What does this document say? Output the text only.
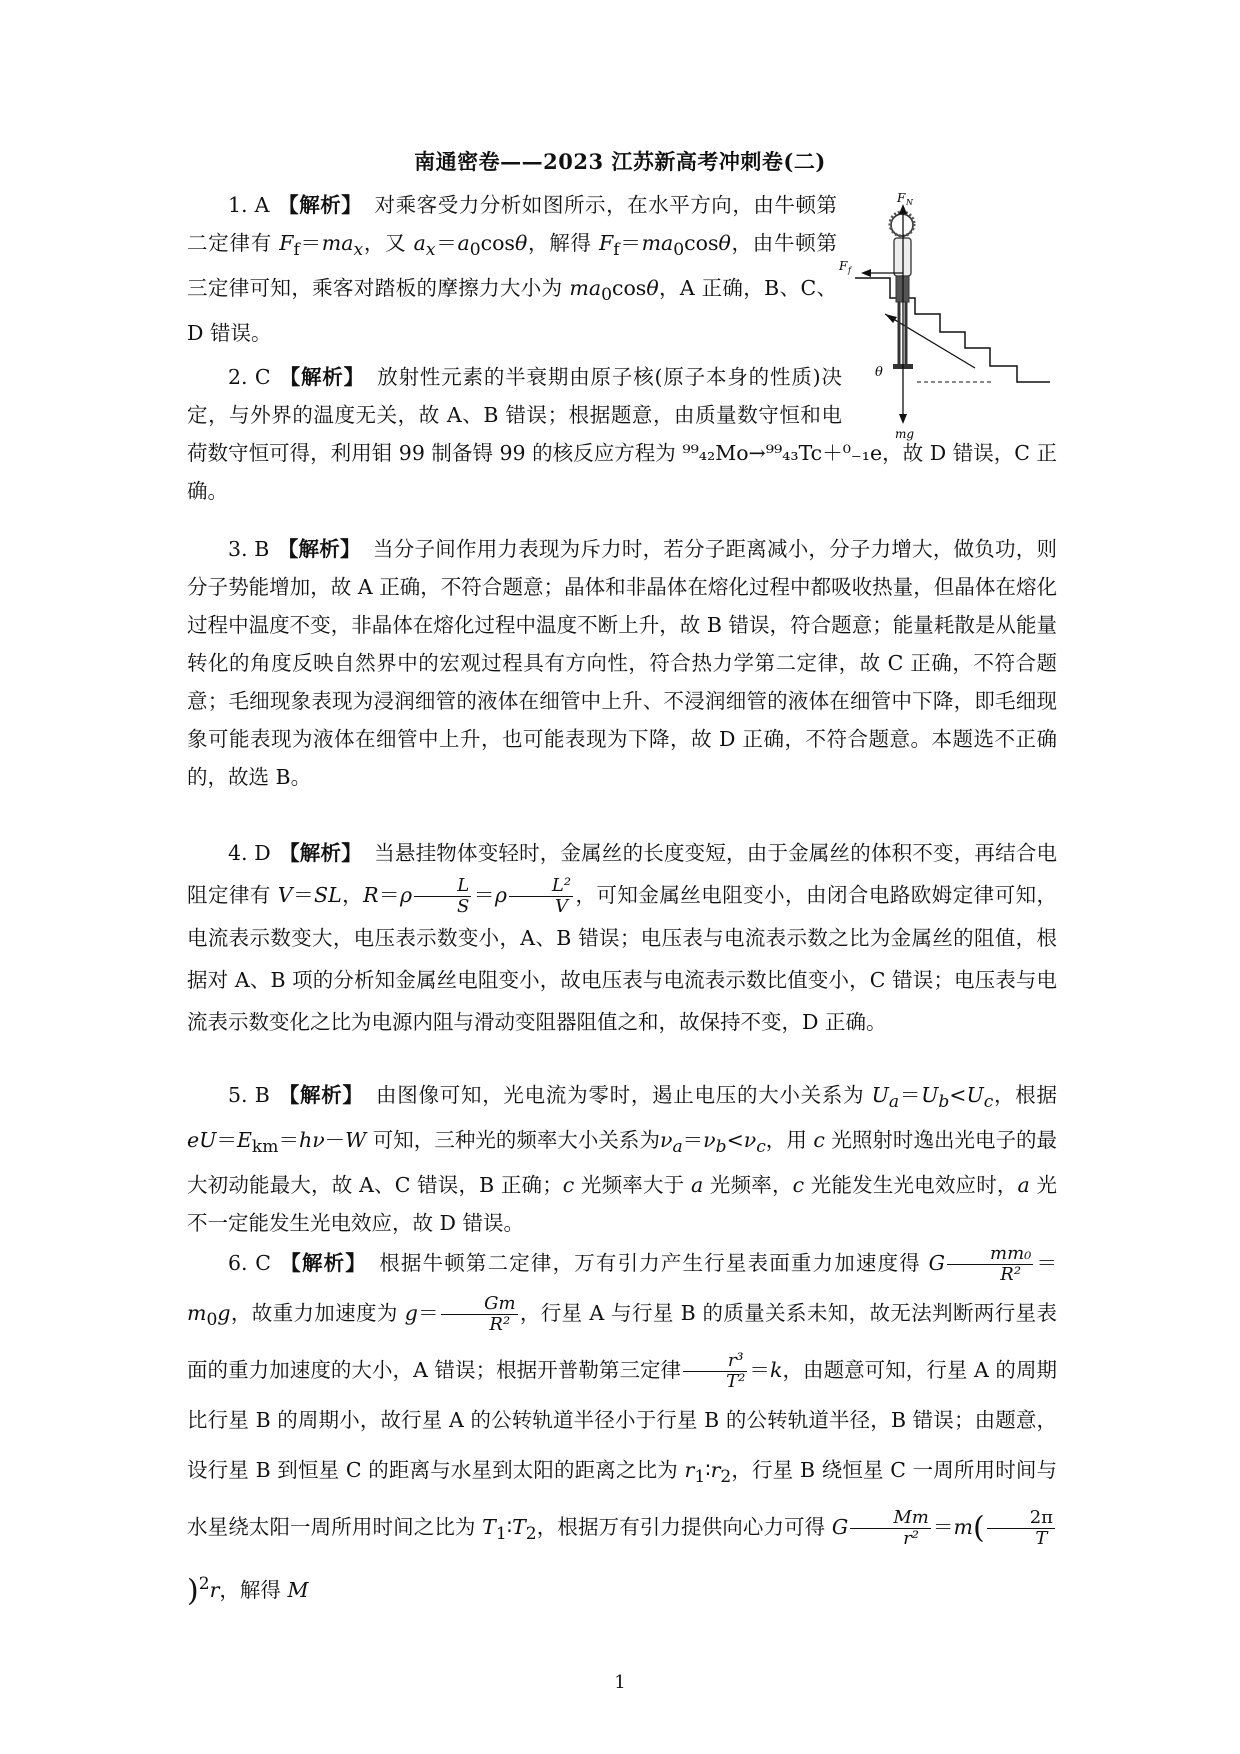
南通密卷——2023 江苏新高考冲刺卷(二)
F N
F f
θ
mg
1. A 【解析】 对乘客受力分析如图所示，在水平方向，由牛顿第二定律有 $F_f=ma_x$，又 $a_x=a_0\cos\theta$，解得 $F_f=ma_0\cos\theta$，由牛顿第三定律可知，乘客对踏板的摩擦力大小为 $ma_0\cos\theta$，A 正确，B、C、D 错误。
2. C 【解析】 放射性元素的半衰期由原子核(原子本身的性质)决定，与外界的温度无关，故 A、B 错误；根据题意，由质量数守恒和电荷数守恒可得，利用钼 99 制备锝 99 的核反应方程为 ⁹⁹₄₂Mo→⁹⁹₄₃Tc＋⁰₋₁e，故 D 错误，C 正确。
3. B 【解析】 当分子间作用力表现为斥力时，若分子距离减小，分子力增大，做负功，则分子势能增加，故 A 正确，不符合题意；晶体和非晶体在熔化过程中都吸收热量，但晶体在熔化过程中温度不变，非晶体在熔化过程中温度不断上升，故 B 错误，符合题意；能量耗散是从能量转化的角度反映自然界中的宏观过程具有方向性，符合热力学第二定律，故 C 正确，不符合题意；毛细现象表现为浸润细管的液体在细管中上升、不浸润细管的液体在细管中下降，即毛细现象可能表现为液体在细管中上升，也可能表现为下降，故 D 正确，不符合题意。本题选不正确的，故选 B。
4. D 【解析】 当悬挂物体变轻时，金属丝的长度变短，由于金属丝的体积不变，再结合电阻定律有 V＝SL，$R=\rho \frac{L}{S} =\rho \frac{\text{L²}}{V}$ ，可知金属丝电阻变小，由闭合电路欧姆定律可知，电流表示数变大，电压表示数变小，A、B 错误；电压表与电流表示数之比为金属丝的阻值，根据对 A、B 项的分析知金属丝电阻变小，故电压表与电流表示数比值变小，C 错误；电压表与电流表示数变化之比为电源内阻与滑动变阻器阻值之和，故保持不变，D 正确。
5. B 【解析】 由图像可知，光电流为零时，遏止电压的大小关系为 $U_a=U_b<U_c$，根据 $eU=E_{km}=h\nu-W$ 可知，三种光的频率大小关系为$\nu_a=\nu_b<\nu_c$，用 c 光照射时逸出光电子的最大初动能最大，故 A、C 错误，B 正确；c 光频率大于 a 光频率，c 光能发生光电效应时，a 光不一定能发生光电效应，故 D 错误。
6. C 【解析】 根据牛顿第二定律，万有引力产生行星表面重力加速度得 G $\frac{\text{mm₀}}{\text{R²}} =m_0g$，故重力加速度为 $g= \frac{Gm}{\text{R²}}$ ，行星 A 与行星 B 的质量关系未知，故无法判断两行星表面的重力加速度的大小，A 错误；根据开普勒第三定律 $\frac{\text{r³}}{\text{T²}} =k$，由题意可知，行星 A 的周期比行星 B 的周期小，故行星 A 的公转轨道半径小于行星 B 的公转轨道半径，B 错误；由题意，设行星 B 到恒星 C 的距离与水星到太阳的距离之比为 $r_1∶r_2$，行星 B 绕恒星 C 一周所用时间与水星绕太阳一周所用时间之比为 $T_1∶T_2$，根据万有引力提供向心力可得 G $\frac{Mm}{\text{r²}} =m( \frac{2\pi}{T}$
)$^2$r，解得 M
1
